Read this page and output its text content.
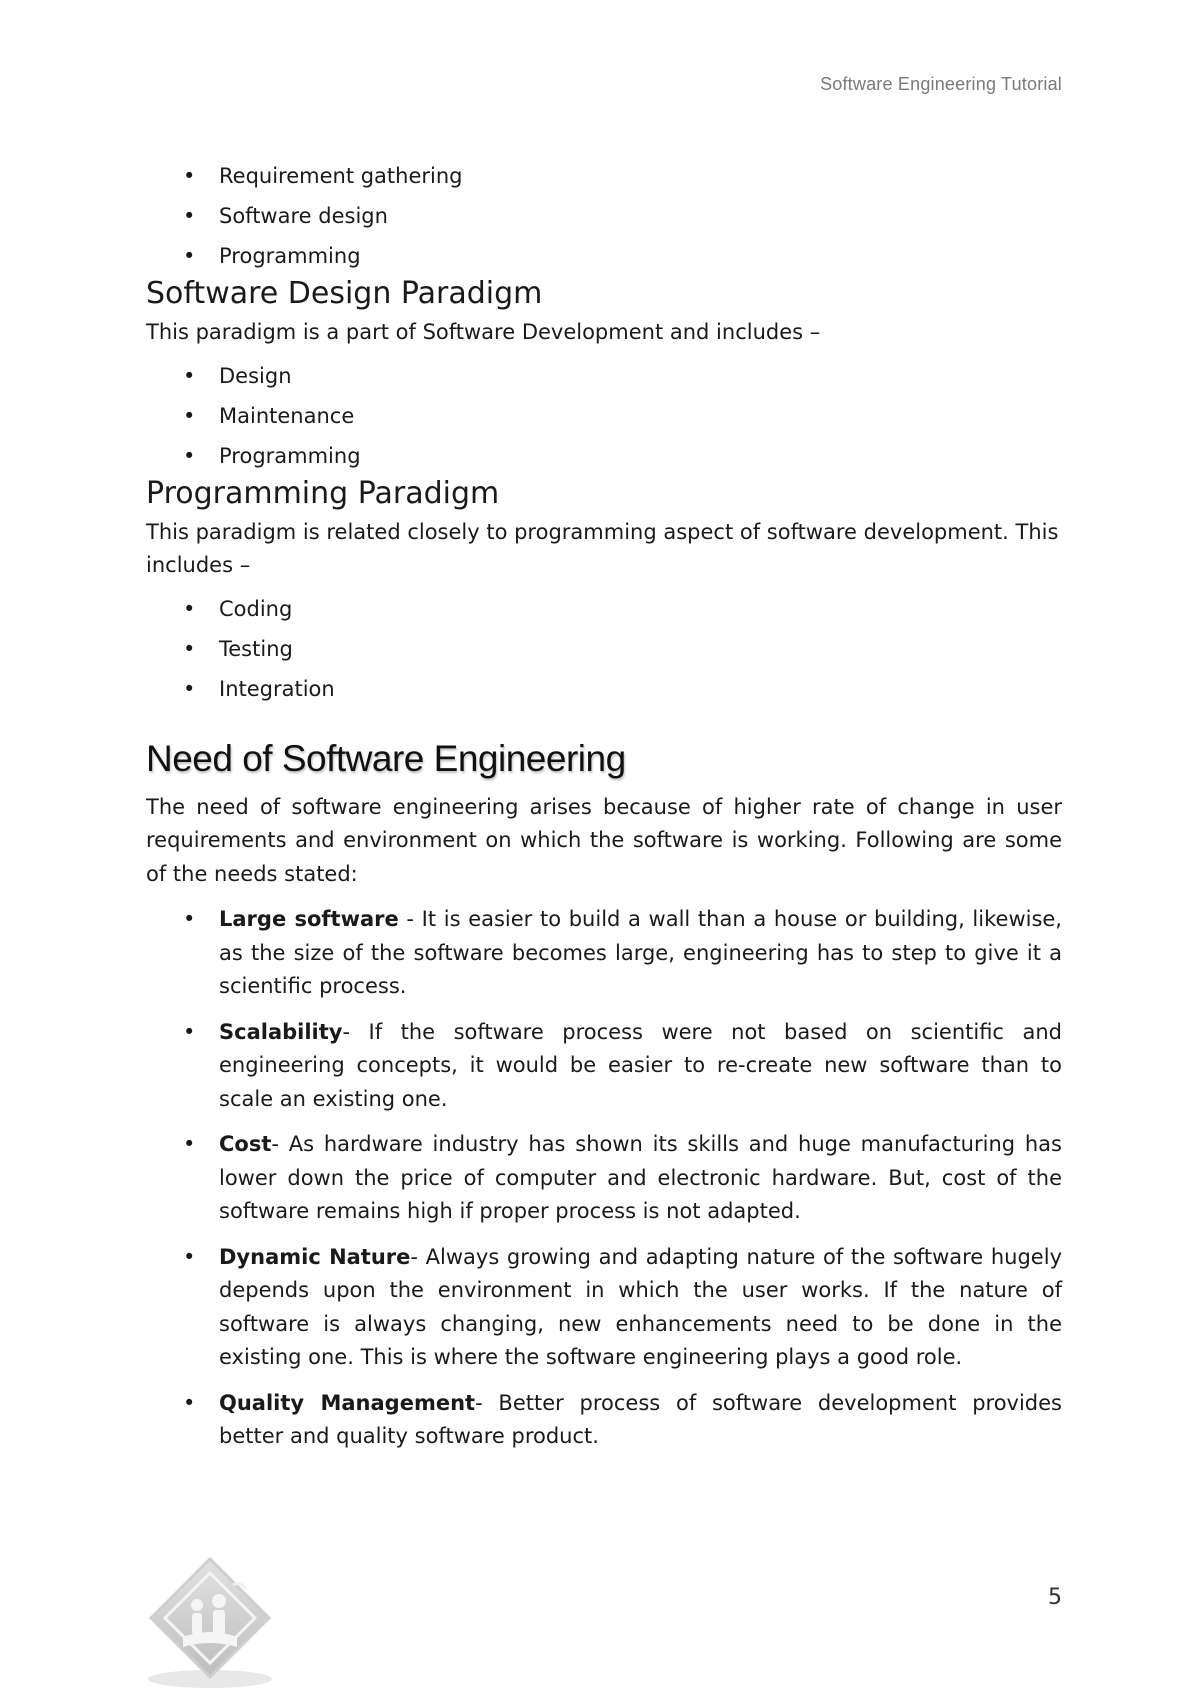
Software Engineering Tutorial
• Requirement gathering
• Software design
• Programming
Software Design Paradigm

This paradigm is a part of Software Development and includes –

• Design
• Maintenance
• Programming
Programming Paradigm

This paradigm is related closely to programming aspect of software development. This includes –

• Coding
• Testing
• Integration
Need of Software Engineering

The need of software engineering arises because of higher rate of change in user requirements and environment on which the software is working. Following are some of the needs stated:

• Large software - It is easier to build a wall than a house or building, likewise, as the size of the software becomes large, engineering has to step to give it a scientific process.
• Scalability- If the software process were not based on scientific and engineering concepts, it would be easier to re-create new software than to scale an existing one.
• Cost- As hardware industry has shown its skills and huge manufacturing has lower down the price of computer and electronic hardware. But, cost of the software remains high if proper process is not adapted.
• Dynamic Nature- Always growing and adapting nature of the software hugely depends upon the environment in which the user works. If the nature of software is always changing, new enhancements need to be done in the existing one. This is where the software engineering plays a good role.
• Quality Management- Better process of software development provides better and quality software product.
5
